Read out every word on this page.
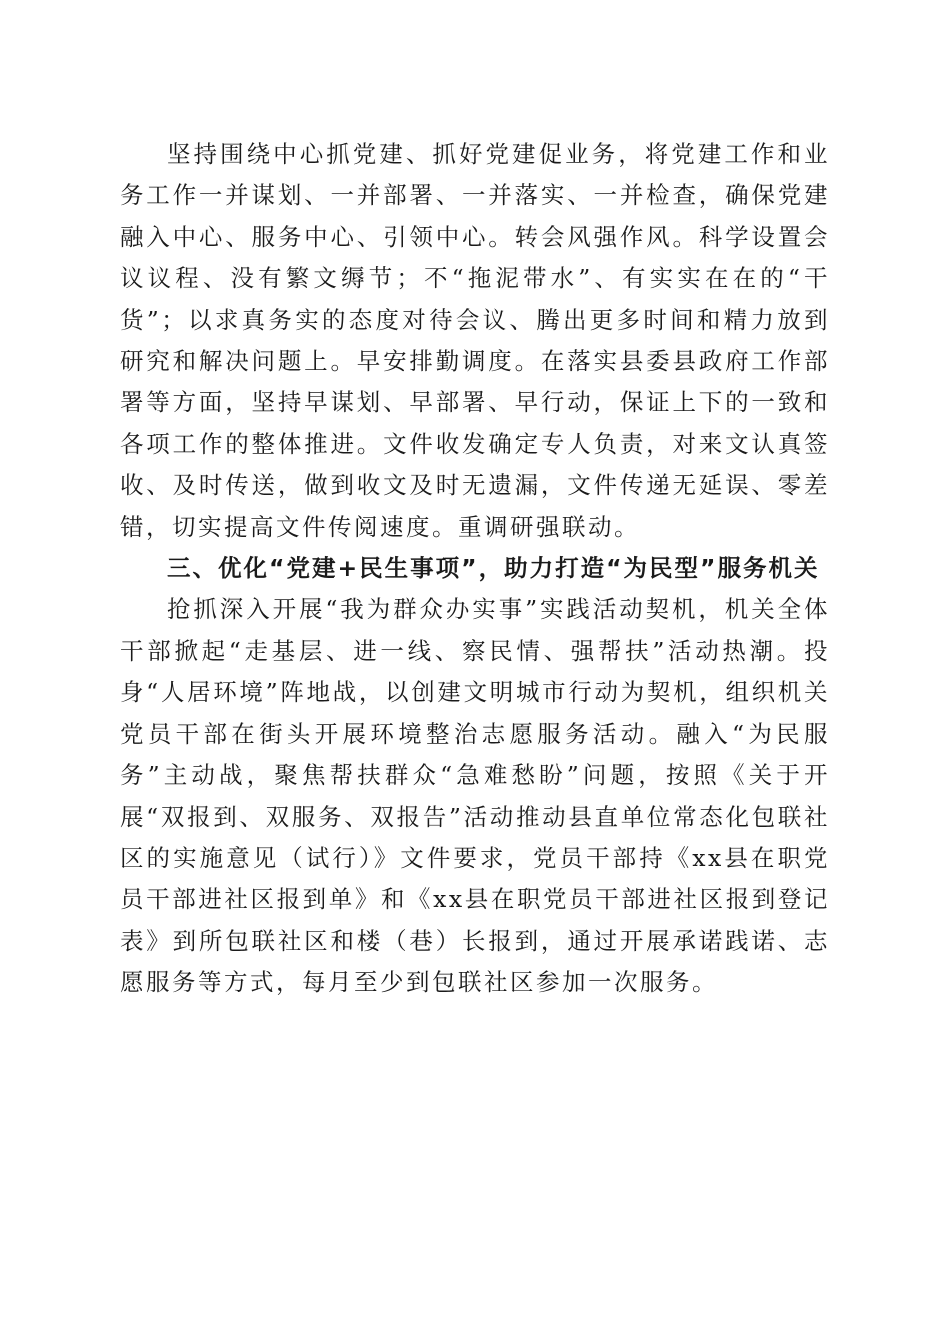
坚持围绕中心抓党建、抓好党建促业务，将党建工作和业务工作一并谋划、一并部署、一并落实、一并检查，确保党建融入中心、服务中心、引领中心。转会风强作风。科学设置会议议程、没有繁文缛节；不“拖泥带水”、有实实在在的“干货”；以求真务实的态度对待会议、腾出更多时间和精力放到研究和解决问题上。早安排勤调度。在落实县委县政府工作部署等方面，坚持早谋划、早部署、早行动，保证上下的一致和各项工作的整体推进。文件收发确定专人负责，对来文认真签收、及时传送，做到收文及时无遗漏，文件传递无延误、零差错，切实提高文件传阅速度。重调研强联动。

三、优化“党建+民生事项”，助力打造“为民型”服务机关

抢抓深入开展“我为群众办实事”实践活动契机，机关全体干部掀起“走基层、进一线、察民情、强帮扶”活动热潮。投身“人居环境”阵地战，以创建文明城市行动为契机，组织机关党员干部在街头开展环境整治志愿服务活动。融入“为民服务”主动战，聚焦帮扶群众“急难愁盼”问题，按照《关于开展“双报到、双服务、双报告”活动推动县直单位常态化包联社区的实施意见（试行）》文件要求，党员干部持《xx县在职党员干部进社区报到单》和《xx县在职党员干部进社区报到登记表》到所包联社区和楼（巷）长报到，通过开展承诺践诺、志愿服务等方式，每月至少到包联社区参加一次服务。
